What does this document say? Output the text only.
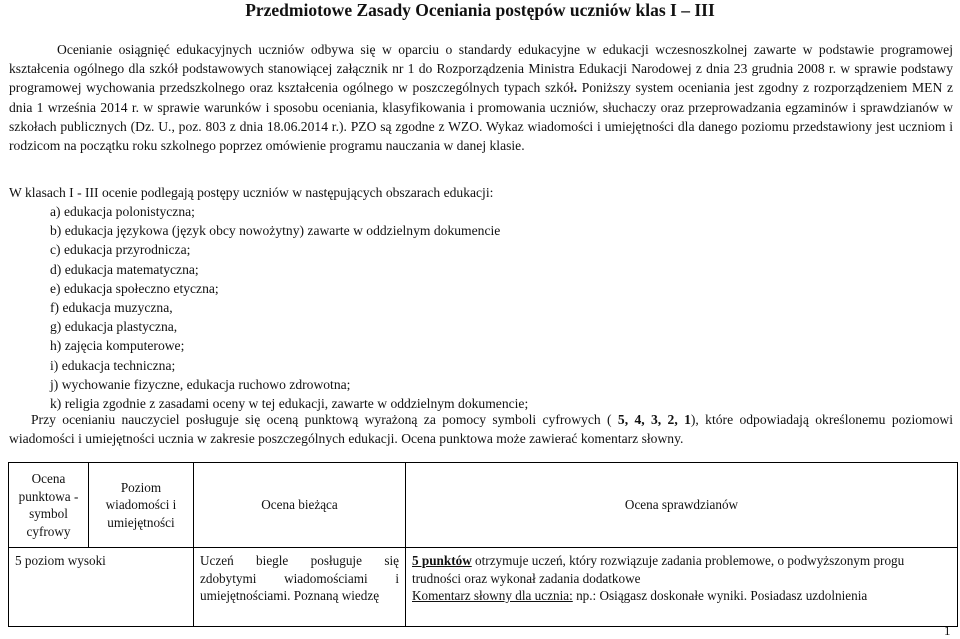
Przedmiotowe Zasady Oceniania postępów uczniów klas I – III

Ocenianie osiągnięć edukacyjnych uczniów odbywa się w oparciu o standardy edukacyjne w edukacji wczesnoszkolnej zawarte w podstawie programowej kształcenia ogólnego dla szkół podstawowych stanowiącej załącznik nr 1 do Rozporządzenia Ministra Edukacji Narodowej z dnia 23 grudnia 2008 r. w sprawie podstawy programowej wychowania przedszkolnego oraz kształcenia ogólnego w poszczególnych typach szkół. Poniższy system oceniania jest zgodny z rozporządzeniem MEN z dnia 1 września 2014 r. w sprawie warunków i sposobu oceniania, klasyfikowania i promowania uczniów, słuchaczy oraz przeprowadzania egzaminów i sprawdzianów w szkołach publicznych (Dz. U., poz. 803 z dnia 18.06.2014 r.). PZO są zgodne z WZO. Wykaz wiadomości i umiejętności dla danego poziomu przedstawiony jest uczniom i rodzicom na początku roku szkolnego poprzez omówienie programu nauczania w danej klasie.

W klasach I - III ocenie podlegają postępy uczniów w następujących obszarach edukacji:

a) edukacja polonistyczna;
b) edukacja językowa (język obcy nowożytny) zawarte w oddzielnym dokumencie
c) edukacja przyrodnicza;
d) edukacja matematyczna;
e) edukacja społeczno etyczna;
f) edukacja muzyczna,
g) edukacja plastyczna,
h) zajęcia komputerowe;
i) edukacja techniczna;
j) wychowanie fizyczne, edukacja ruchowo zdrowotna;
k) religia zgodnie z zasadami oceny w tej edukacji, zawarte w oddzielnym dokumencie;

Przy ocenianiu nauczyciel posługuje się oceną punktową wyrażoną za pomocy symboli cyfrowych ( 5, 4, 3, 2, 1), które odpowiadają określonemu poziomowi wiadomości i umiejętności ucznia w zakresie poszczególnych edukacji. Ocena punktowa może zawierać komentarz słowny.

Ocena punktowa - symbol cyfrowy	Poziom wiadomości i umiejętności	Ocena bieżąca	Ocena sprawdzianów
5 poziom wysoki		Uczeń biegle posługuje się zdobytymi wiadomościami i umiejętnościami. Poznaną wiedzę	5 punktów otrzymuje uczeń, który rozwiązuje zadania problemowe, o podwyższonym progu trudności oraz wykonał zadania dodatkowe
Komentarz słowny dla ucznia: np.: Osiągasz doskonałe wyniki. Posiadasz uzdolnienia
1
